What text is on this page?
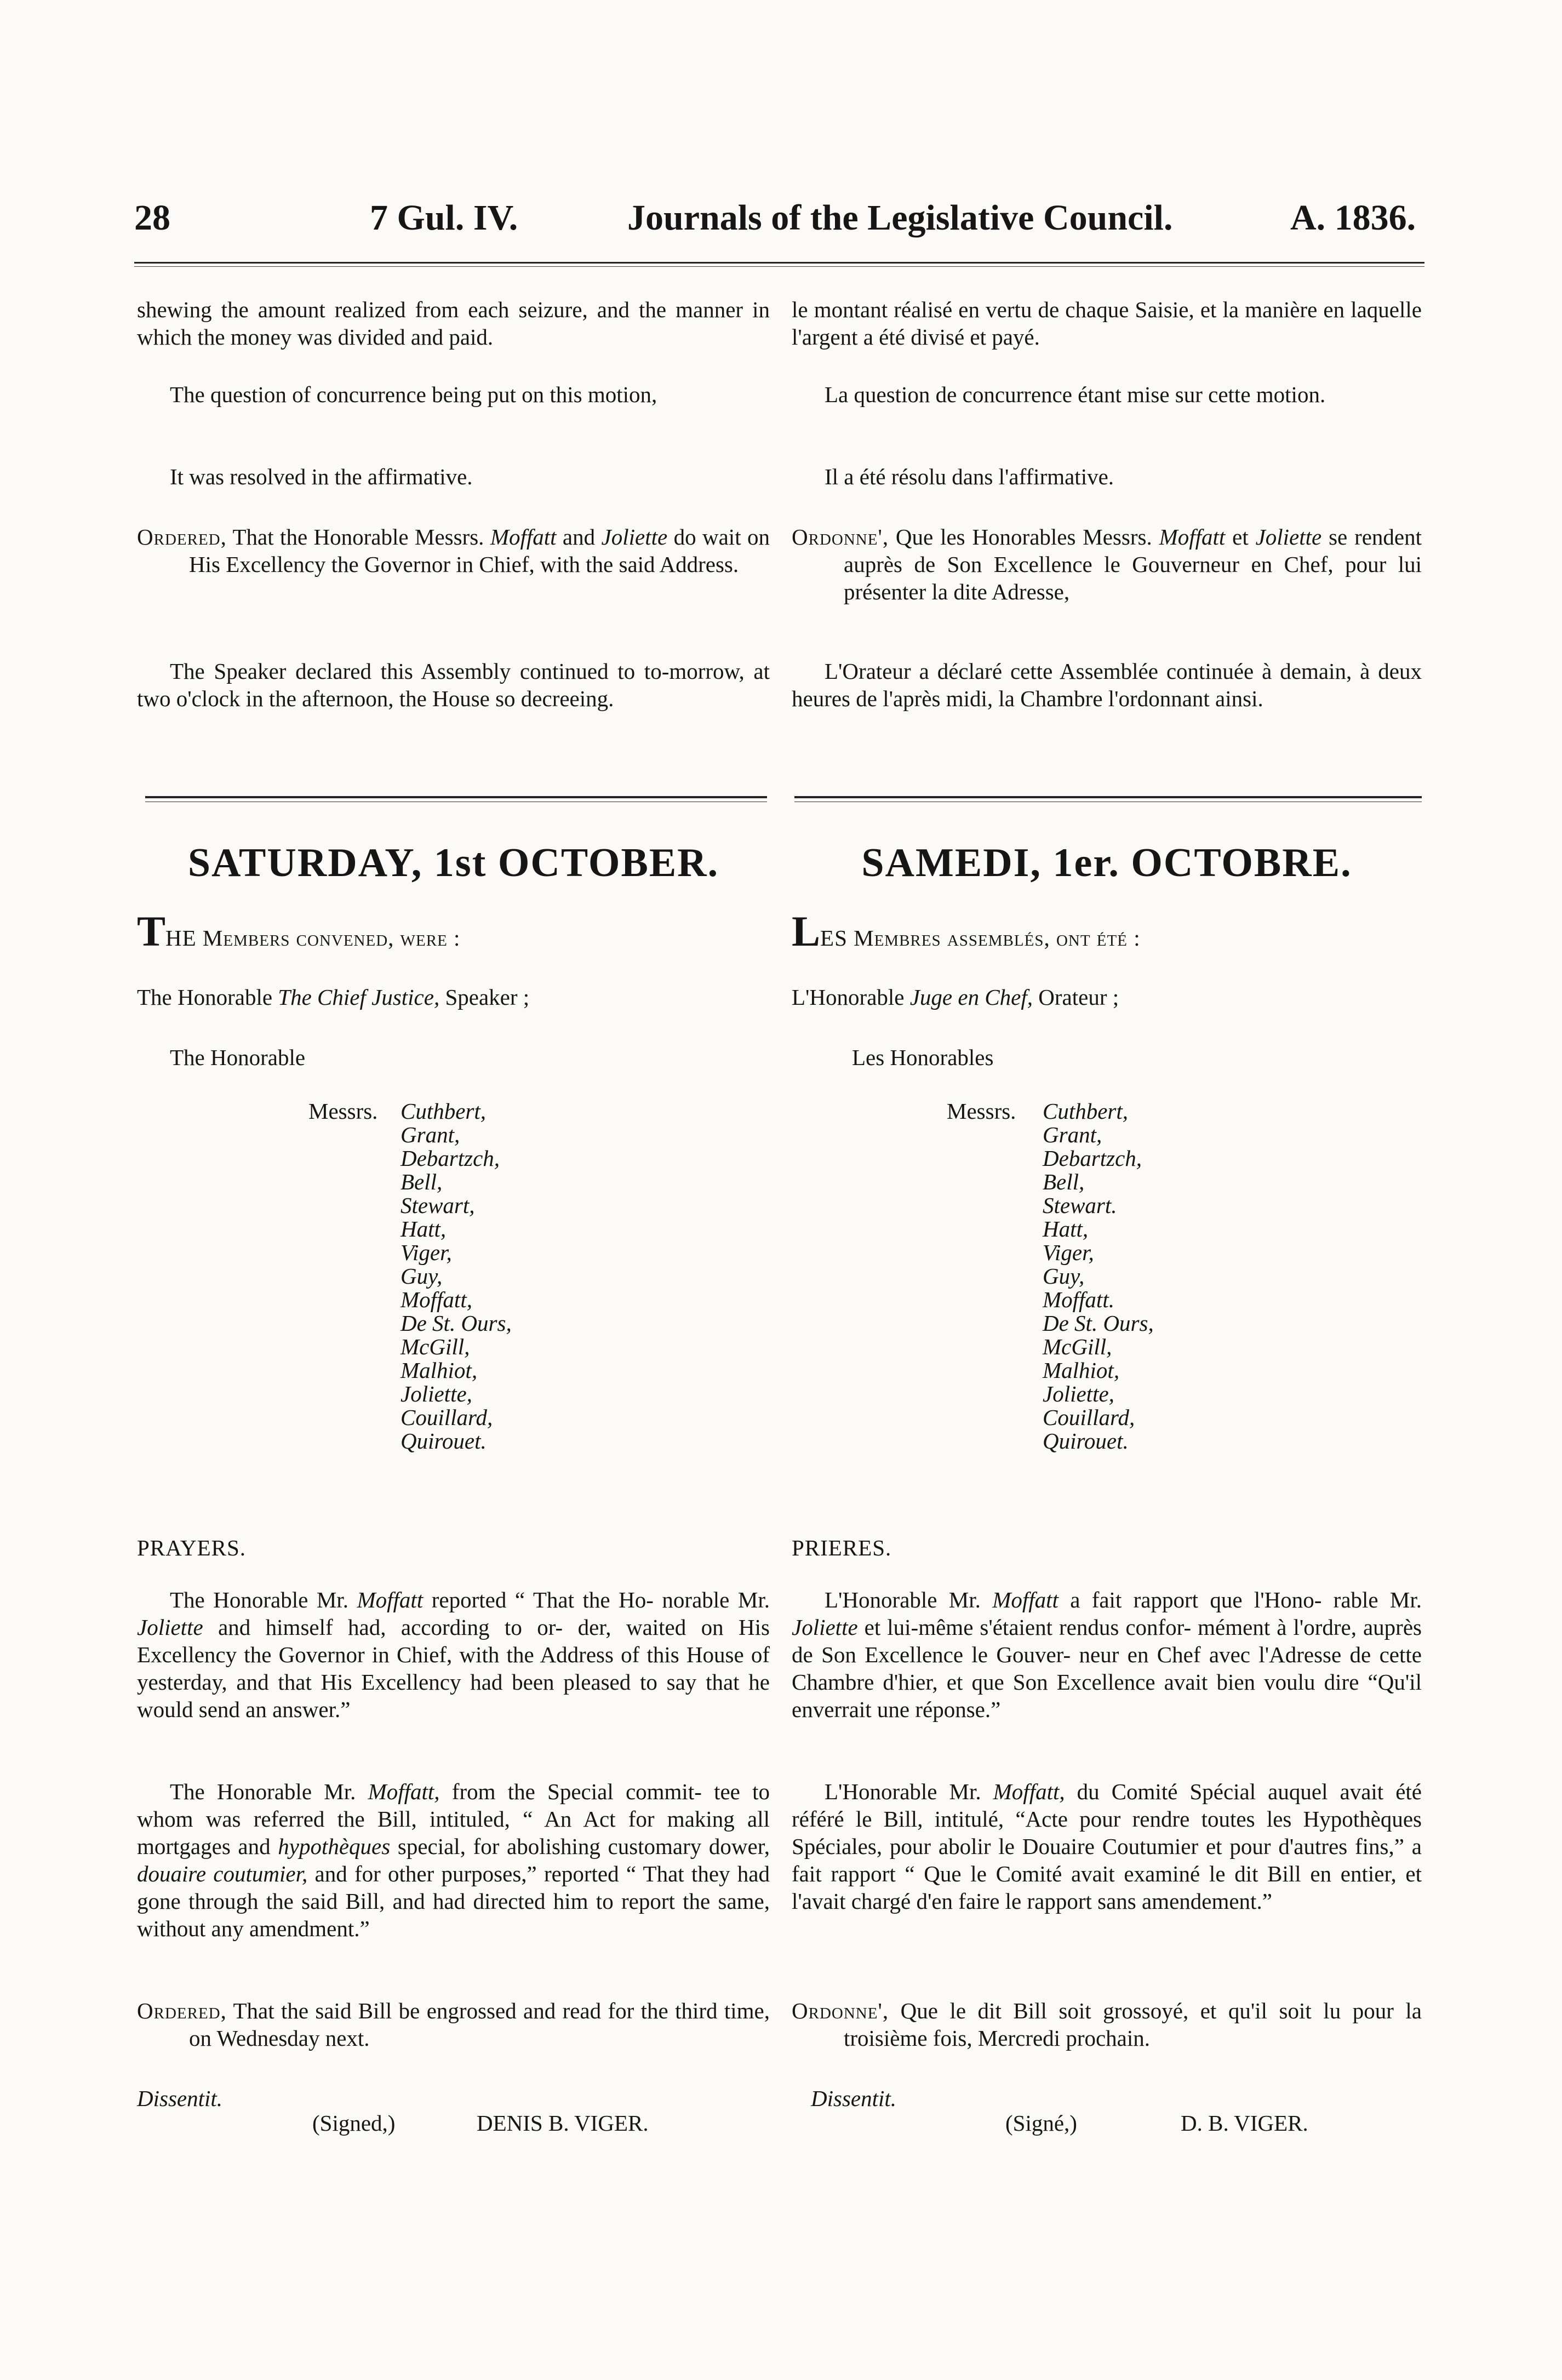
28	7 Gul. IV.	Journals of the Legislative Council.	A. 1836.

shewing the amount realized from each seizure, and the manner in which the money was divided and paid.

The question of concurrence being put on this motion,

It was resolved in the affirmative.

Ordered, That the Honorable Messrs. Moffatt and Joliette do wait on His Excellency the Governor in Chief, with the said Address.

The Speaker declared this Assembly continued to to-morrow, at two o'clock in the afternoon, the House so decreeing.

SATURDAY, 1st OCTOBER.

THE Members convened, were :

The Honorable The Chief Justice, Speaker ;

The Honorable

Messrs. Cuthbert,
Grant,
Debartzch,
Bell,
Stewart,
Hatt,
Viger,
Guy,
Moffatt,
De St. Ours,
McGill,
Malhiot,
Joliette,
Couillard,
Quirouet.

PRAYERS.

The Honorable Mr. Moffatt reported “ That the Ho- norable Mr. Joliette and himself had, according to or- der, waited on His Excellency the Governor in Chief, with the Address of this House of yesterday, and that His Excellency had been pleased to say that he would send an answer.”

The Honorable Mr. Moffatt, from the Special commit- tee to whom was referred the Bill, intituled, “ An Act for making all mortgages and hypothèques special, for abolishing customary dower, douaire coutumier, and for other purposes,” reported “ That they had gone through the said Bill, and had directed him to report the same, without any amendment.”

Ordered, That the said Bill be engrossed and read for the third time, on Wednesday next.

Dissentit.
(Signed,)	DENIS B. VIGER.

le montant réalisé en vertu de chaque Saisie, et la manière en laquelle l'argent a été divisé et payé.

La question de concurrence étant mise sur cette motion.

Il a été résolu dans l'affirmative.

Ordonne', Que les Honorables Messrs. Moffatt et Joliette se rendent auprès de Son Excellence le Gouverneur en Chef, pour lui présenter la dite Adresse,

L'Orateur a déclaré cette Assemblée continuée à demain, à deux heures de l'après midi, la Chambre l'ordonnant ainsi.

SAMEDI, 1er. OCTOBRE.

LES Membres assemblés, ont été :

L'Honorable Juge en Chef, Orateur ;

Les Honorables

Messrs. Cuthbert,
Grant,
Debartzch,
Bell,
Stewart.
Hatt,
Viger,
Guy,
Moffatt.
De St. Ours,
McGill,
Malhiot,
Joliette,
Couillard,
Quirouet.

PRIERES.

L'Honorable Mr. Moffatt a fait rapport que l'Hono- rable Mr. Joliette et lui-même s'étaient rendus confor- mément à l'ordre, auprès de Son Excellence le Gouver- neur en Chef avec l'Adresse de cette Chambre d'hier, et que Son Excellence avait bien voulu dire “Qu'il enverrait une réponse.”

L'Honorable Mr. Moffatt, du Comité Spécial auquel avait été référé le Bill, intitulé, “Acte pour rendre toutes les Hypothèques Spéciales, pour abolir le Douaire Coutumier et pour d'autres fins,” a fait rapport “ Que le Comité avait examiné le dit Bill en entier, et l'avait chargé d'en faire le rapport sans amendement.”

Ordonne', Que le dit Bill soit grossoyé, et qu'il soit lu pour la troisième fois, Mercredi prochain.

Dissentit.
(Signé,)	D. B. VIGER.
